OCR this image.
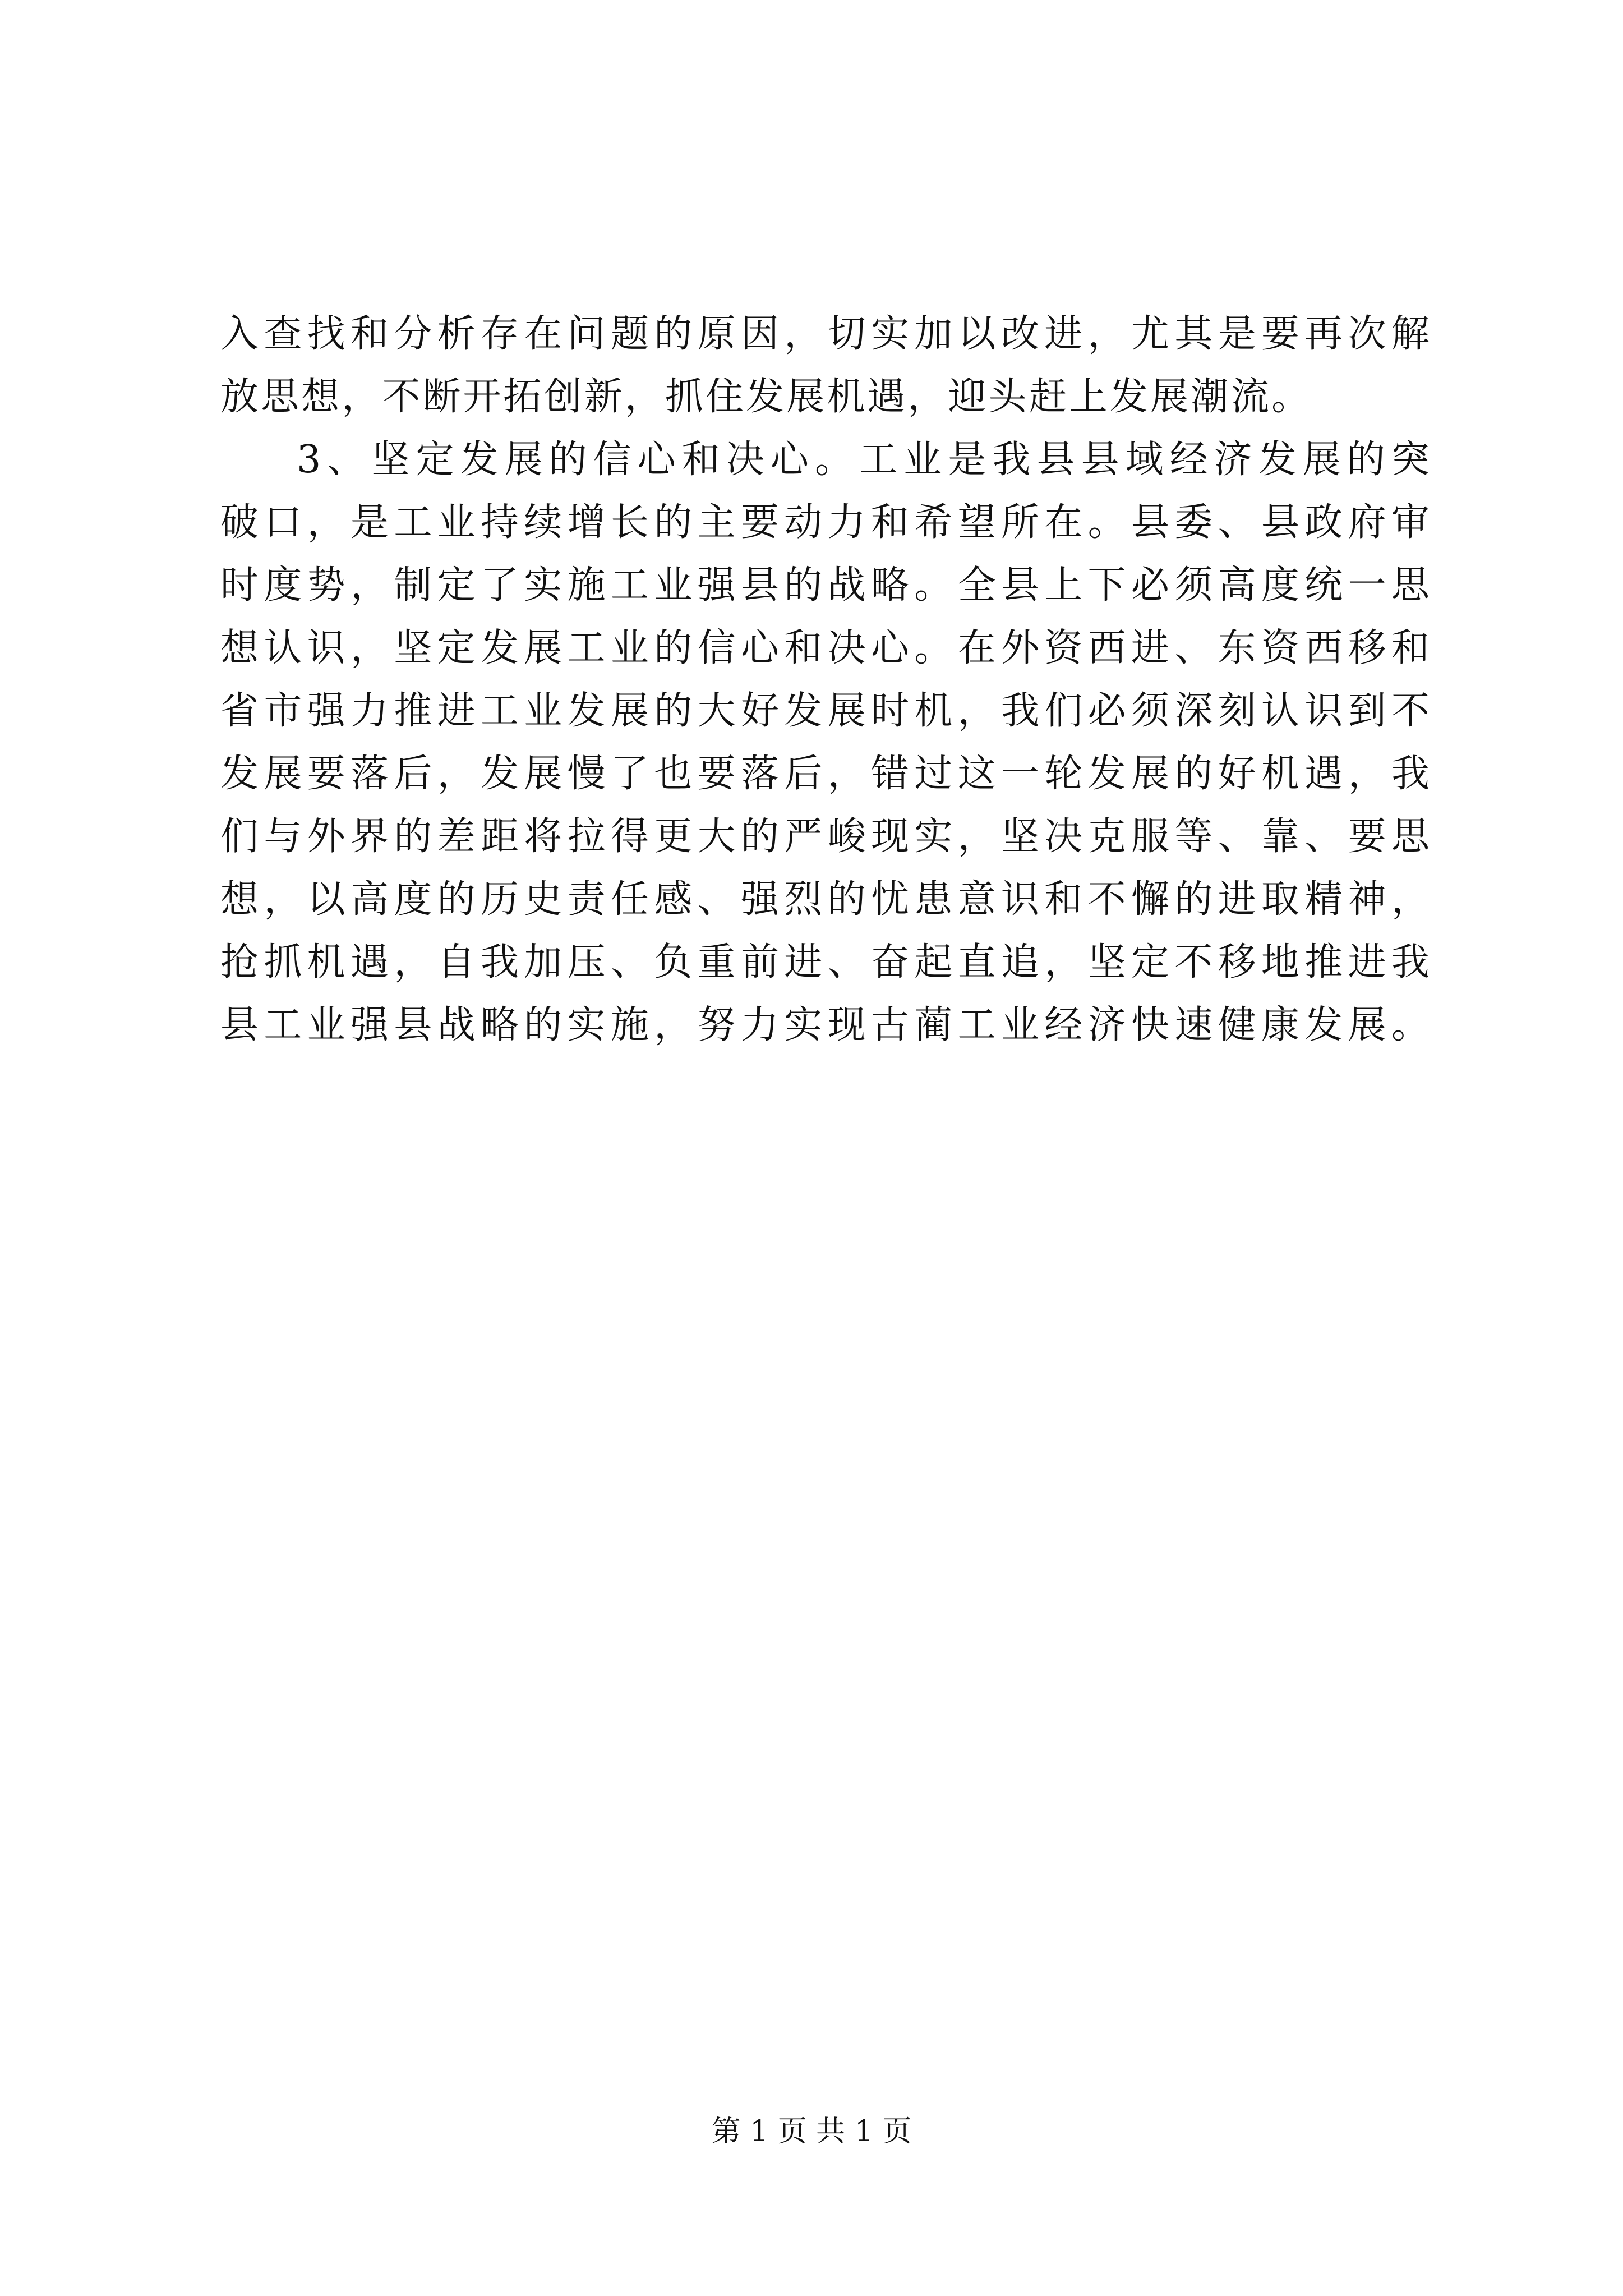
入查找和分析存在问题的原因，切实加以改进，尤其是要再次解
放思想，不断开拓创新，抓住发展机遇，迎头赶上发展潮流。
3、坚定发展的信心和决心。工业是我县县域经济发展的突
破口，是工业持续增长的主要动力和希望所在。县委、县政府审
时度势，制定了实施工业强县的战略。全县上下必须高度统一思
想认识，坚定发展工业的信心和决心。在外资西进、东资西移和
省市强力推进工业发展的大好发展时机，我们必须深刻认识到不
发展要落后，发展慢了也要落后，错过这一轮发展的好机遇，我
们与外界的差距将拉得更大的严峻现实，坚决克服等、靠、要思
想，以高度的历史责任感、强烈的忧患意识和不懈的进取精神，
抢抓机遇，自我加压、负重前进、奋起直追，坚定不移地推进我
县工业强县战略的实施，努力实现古蔺工业经济快速健康发展。
第 1 页 共 1 页
